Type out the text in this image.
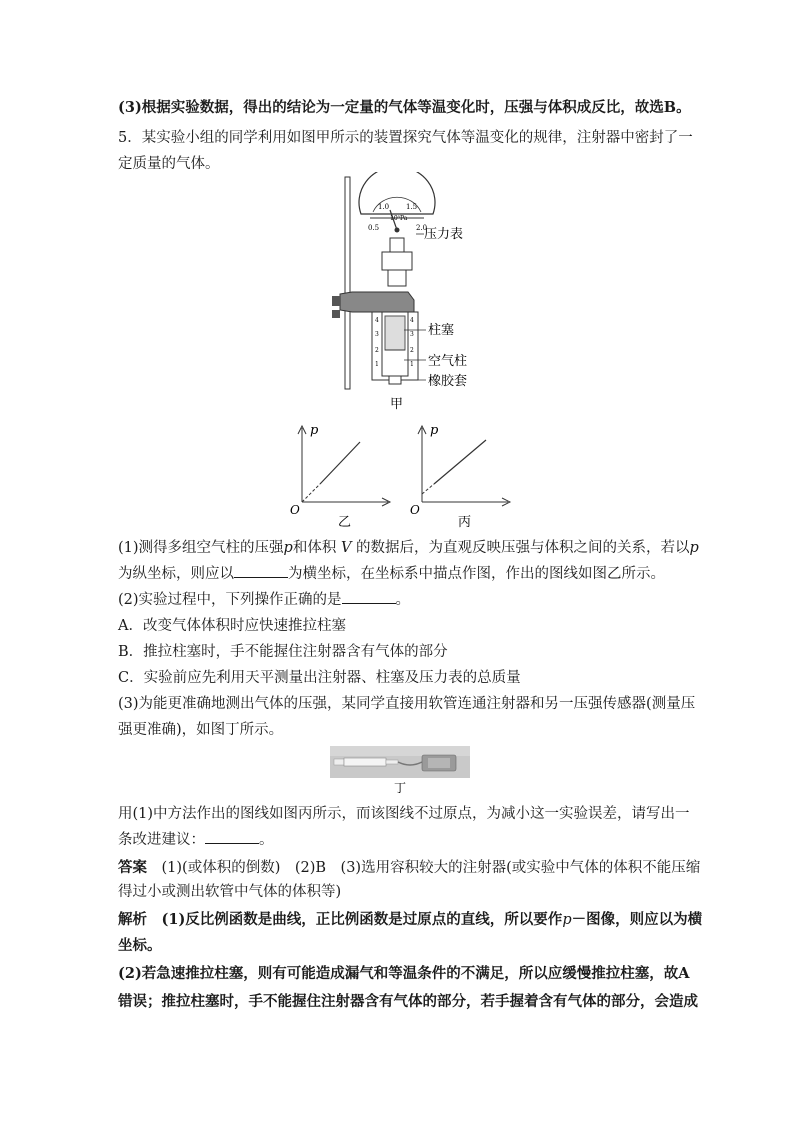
(3)根据实验数据，得出的结论为一定量的气体等温变化时，压强与体积成反比，故选B。
5．某实验小组的同学利用如图甲所示的装置探究气体等温变化的规律，注射器中密封了一
定质量的气体。
0.5
1.0 1.5
2.0
10⁵Pa
4
3
2
1
4
3
2
1
压力表
柱塞
空气柱
橡胶套
甲
p
O
乙
p
O
丙
(1)测得多组空气柱的压强p和体积 V 的数据后，为直观反映压强与体积之间的关系，若以p
为纵坐标，则应以	为横坐标，在坐标系中描点作图，作出的图线如图乙所示。
(2)实验过程中，下列操作正确的是	。
A．改变气体体积时应快速推拉柱塞
B．推拉柱塞时，手不能握住注射器含有气体的部分
C．实验前应先利用天平测量出注射器、柱塞及压力表的总质量
(3)为能更准确地测出气体的压强，某同学直接用软管连通注射器和另一压强传感器(测量压
强更准确)，如图丁所示。
丁
用(1)中方法作出的图线如图丙所示，而该图线不过原点，为减小这一实验误差，请写出一
条改进建议：	。
答案　 (1)(或体积的倒数)　(2)B　(3)选用容积较大的注射器(或实验中气体的体积不能压缩
得过小或测出软管中气体的体积等)
解析　 (1)反比例函数是曲线，正比例函数是过原点的直线，所以要作p－图像，则应以为横
坐标。
(2)若急速推拉柱塞，则有可能造成漏气和等温条件的不满足，所以应缓慢推拉柱塞，故A
错误；推拉柱塞时，手不能握住注射器含有气体的部分，若手握着含有气体的部分，会造成
